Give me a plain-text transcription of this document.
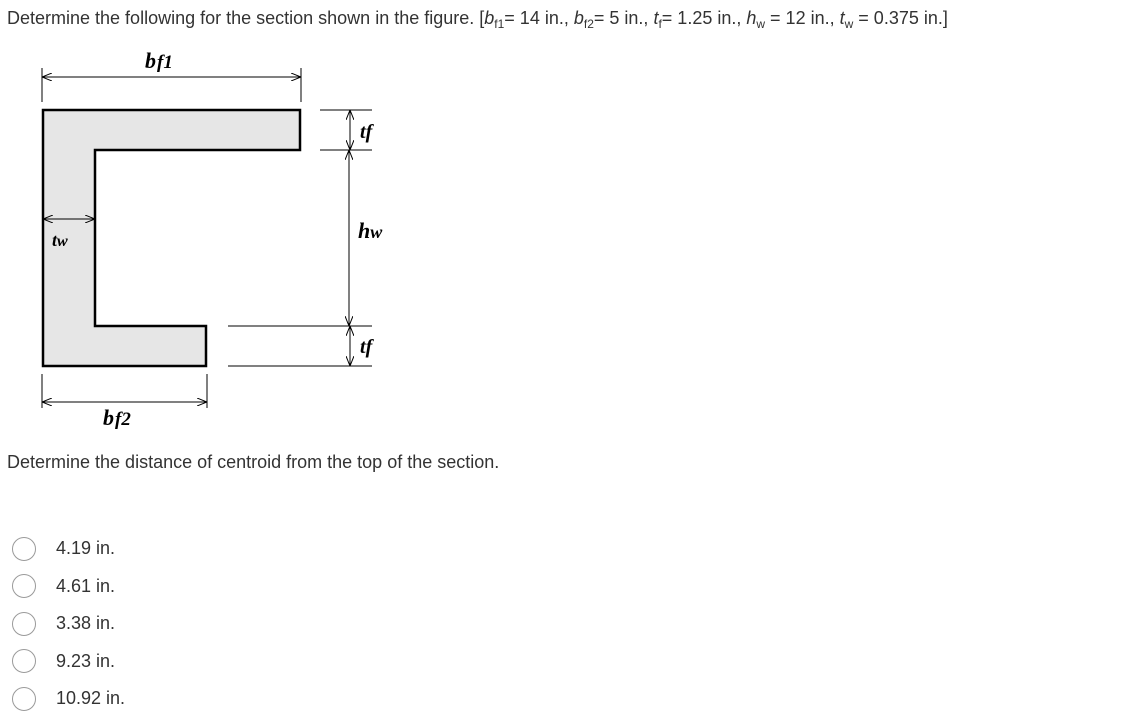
Determine the following for the section shown in the figure. [$b_{f1}= 14$ in., $b_{f2}= 5$ in., $t_f= 1.25$ in., $h_w = 12$ in., $t_w = 0.375$ in.]
bf1
tf
hw
tf
tw
bf2
Determine the distance of centroid from the top of the section.
4.19 in.
4.61 in.
3.38 in.
9.23 in.
10.92 in.
